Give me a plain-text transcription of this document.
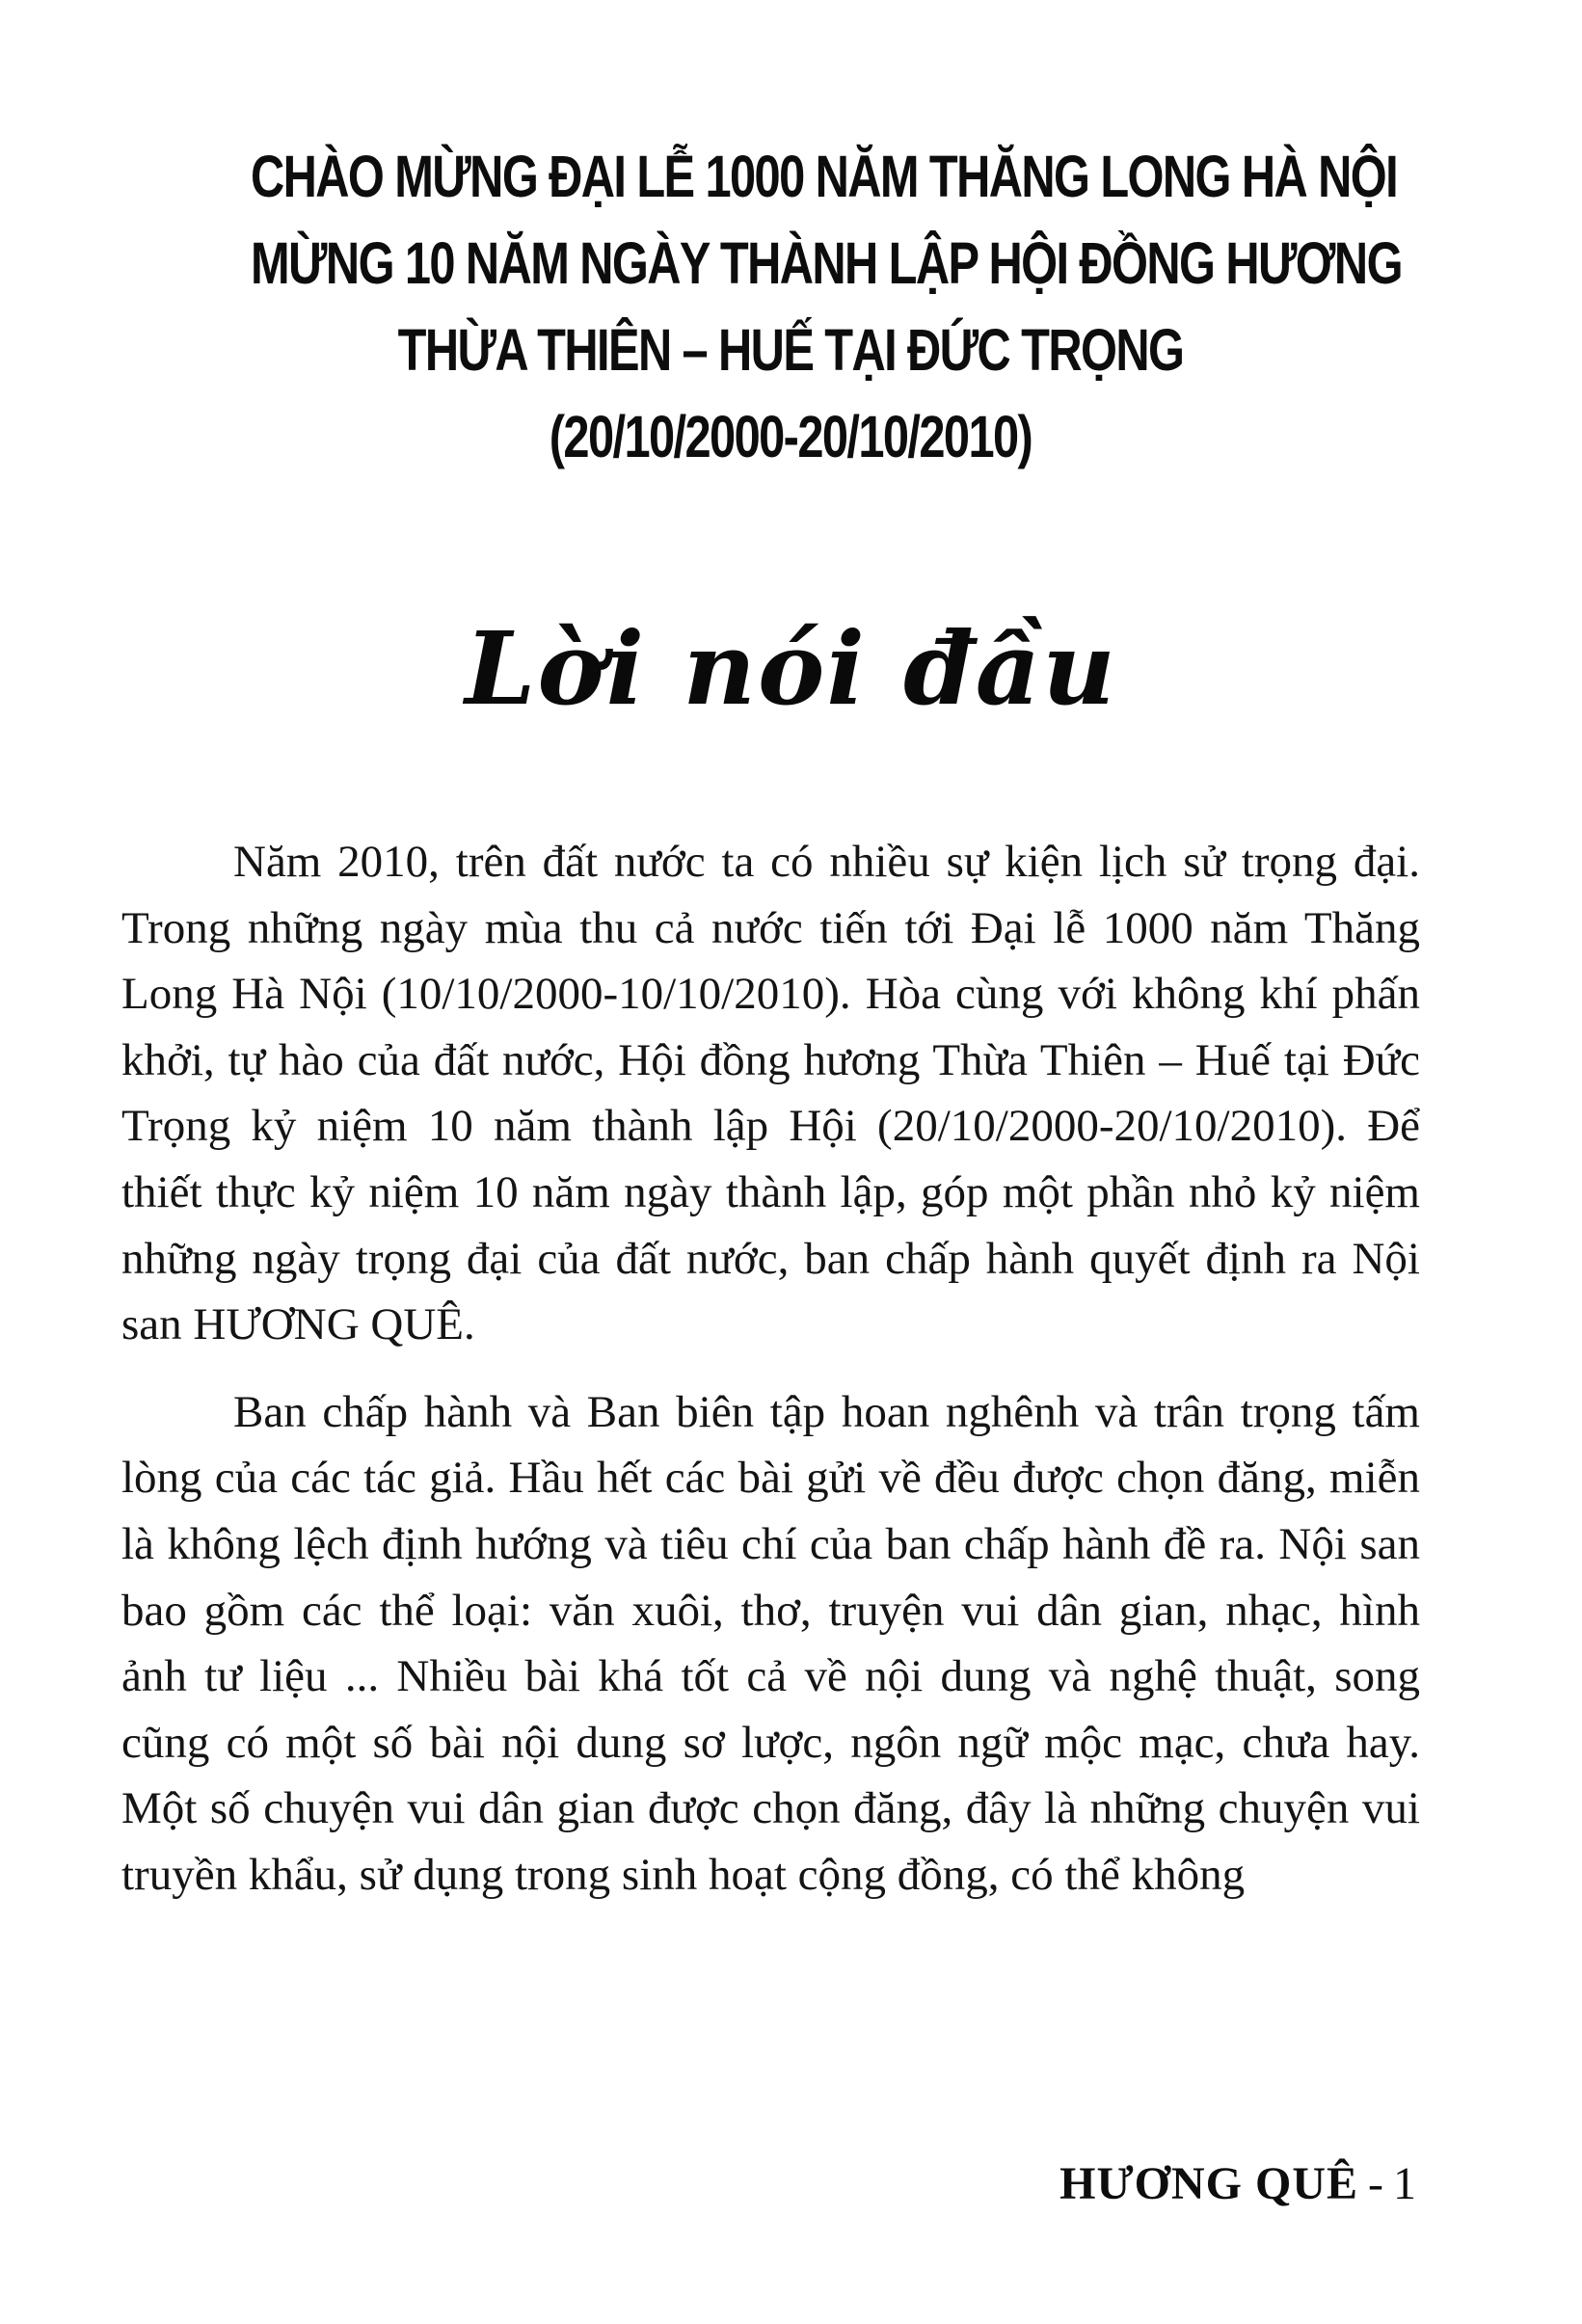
CHÀO MỪNG ĐẠI LỄ 1000 NĂM THĂNG LONG HÀ NỘI
MỪNG 10 NĂM NGÀY THÀNH LẬP HỘI ĐỒNG HƯƠNG
THỪA THIÊN – HUẾ TẠI ĐỨC TRỌNG
(20/10/2000-20/10/2010)
Lời nói đầu

Năm 2010, trên đất nước ta có nhiều sự kiện lịch sử trọng đại. Trong những ngày mùa thu cả nước tiến tới Đại lễ 1000 năm Thăng Long Hà Nội (10/10/2000-10/10/2010). Hòa cùng với không khí phấn khởi, tự hào của đất nước, Hội đồng hương Thừa Thiên – Huế tại Đức Trọng kỷ niệm 10 năm thành lập Hội (20/10/2000-20/10/2010). Để thiết thực kỷ niệm 10 năm ngày thành lập, góp một phần nhỏ kỷ niệm những ngày trọng đại của đất nước, ban chấp hành quyết định ra Nội san HƯƠNG QUÊ.

Ban chấp hành và Ban biên tập hoan nghênh và trân trọng tấm lòng của các tác giả. Hầu hết các bài gửi về đều được chọn đăng, miễn là không lệch định hướng và tiêu chí của ban chấp hành đề ra. Nội san bao gồm các thể loại: văn xuôi, thơ, truyện vui dân gian, nhạc, hình ảnh tư liệu ... Nhiều bài khá tốt cả về nội dung và nghệ thuật, song cũng có một số bài nội dung sơ lược, ngôn ngữ mộc mạc, chưa hay. Một số chuyện vui dân gian được chọn đăng, đây là những chuyện vui truyền khẩu, sử dụng trong sinh hoạt cộng đồng, có thể không

HƯƠNG QUÊ - 1
